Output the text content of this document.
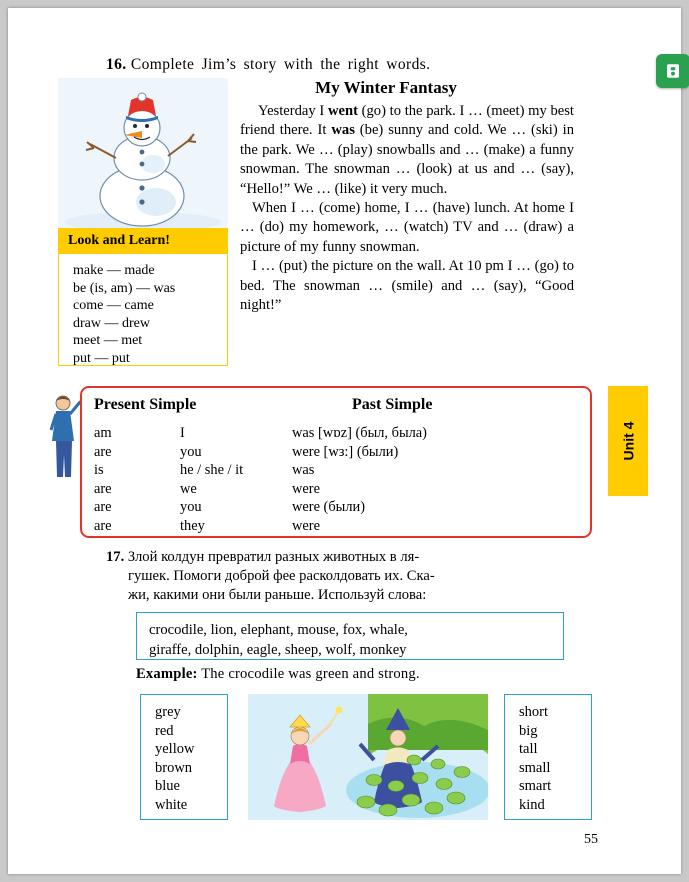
16. Complete Jim’s story with the right words.
Look and Learn!
make — made
be (is, am) — was
come — came
draw — drew
meet — met
put — put
My Winter Fantasy

Yesterday I went (go) to the park. I … (meet) my best friend there. It was (be) sunny and cold. We … (ski) in the park. We … (play) snowballs and … (make) a funny snowman. The snowman … (look) at us and … (say), “Hello!” We … (like) it very much.

When I … (come) home, I … (have) lunch. At home I … (do) my homework, … (watch) TV and … (draw) a picture of my funny snowman.

I … (put) the picture on the wall. At 10 pm I … (go) to bed. The snowman … (smile) and … (say), “Good night!”

Present Simple	Past Simple
am	I	was [wɒz] (был, была)
are	you	were [wз:] (были)
is	he / she / it	was
are	we	were
are	you	were (были)
are	they	were
Unit 4
17. Злой колдун превратил разных животных в ля-
гушек. Помоги доброй фее расколдовать их. Ска-
жи, какими они были раньше. Используй слова:
crocodile, lion, elephant, mouse, fox, whale,
giraffe, dolphin, eagle, sheep, wolf, monkey
Example: The crocodile was green and strong.
grey
red
yellow
brown
blue
white
short
big
tall
small
smart
kind
55
